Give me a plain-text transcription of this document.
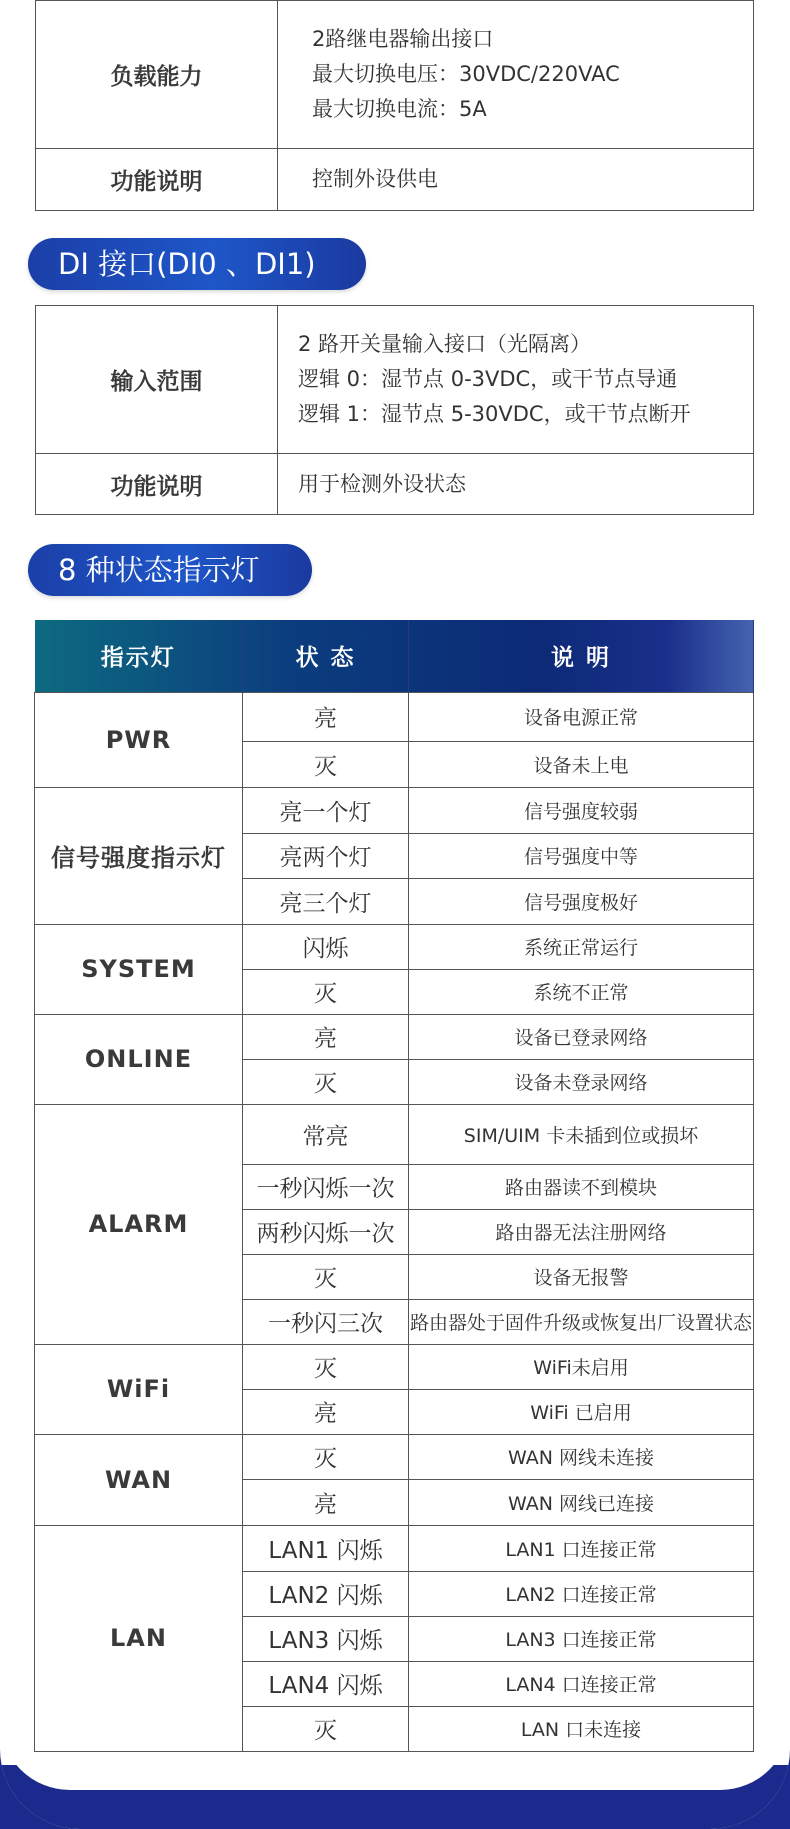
负载能力	2路继电器输出接口
最大切换电压：30VDC/220VAC
最大切换电流：5A

功能说明	控制外设供电
DI 接口(DI0 、DI1)
输入范围	2 路开关量输入接口（光隔离）
逻辑 0：湿节点 0-3VDC，或干节点导通
逻辑 1：湿节点 5-30VDC，或干节点断开

功能说明	用于检测外设状态
8 种状态指示灯
指示灯	状 态	说 明
PWR	亮	设备电源正常
	灭	设备未上电
信号强度指示灯	亮一个灯	信号强度较弱
	亮两个灯	信号强度中等
	亮三个灯	信号强度极好
SYSTEM	闪烁	系统正常运行
	灭	系统不正常
ONLINE	亮	设备已登录网络
	灭	设备未登录网络
ALARM	常亮	SIM/UIM 卡未插到位或损坏
	一秒闪烁一次	路由器读不到模块
	两秒闪烁一次	路由器无法注册网络
	灭	设备无报警
	一秒闪三次	路由器处于固件升级或恢复出厂设置状态
WiFi	灭	WiFi未启用
	亮	WiFi 已启用
WAN	灭	WAN 网线未连接
	亮	WAN 网线已连接
LAN	LAN1 闪烁	LAN1 口连接正常
	LAN2 闪烁	LAN2 口连接正常
	LAN3 闪烁	LAN3 口连接正常
	LAN4 闪烁	LAN4 口连接正常
	灭	LAN 口未连接
